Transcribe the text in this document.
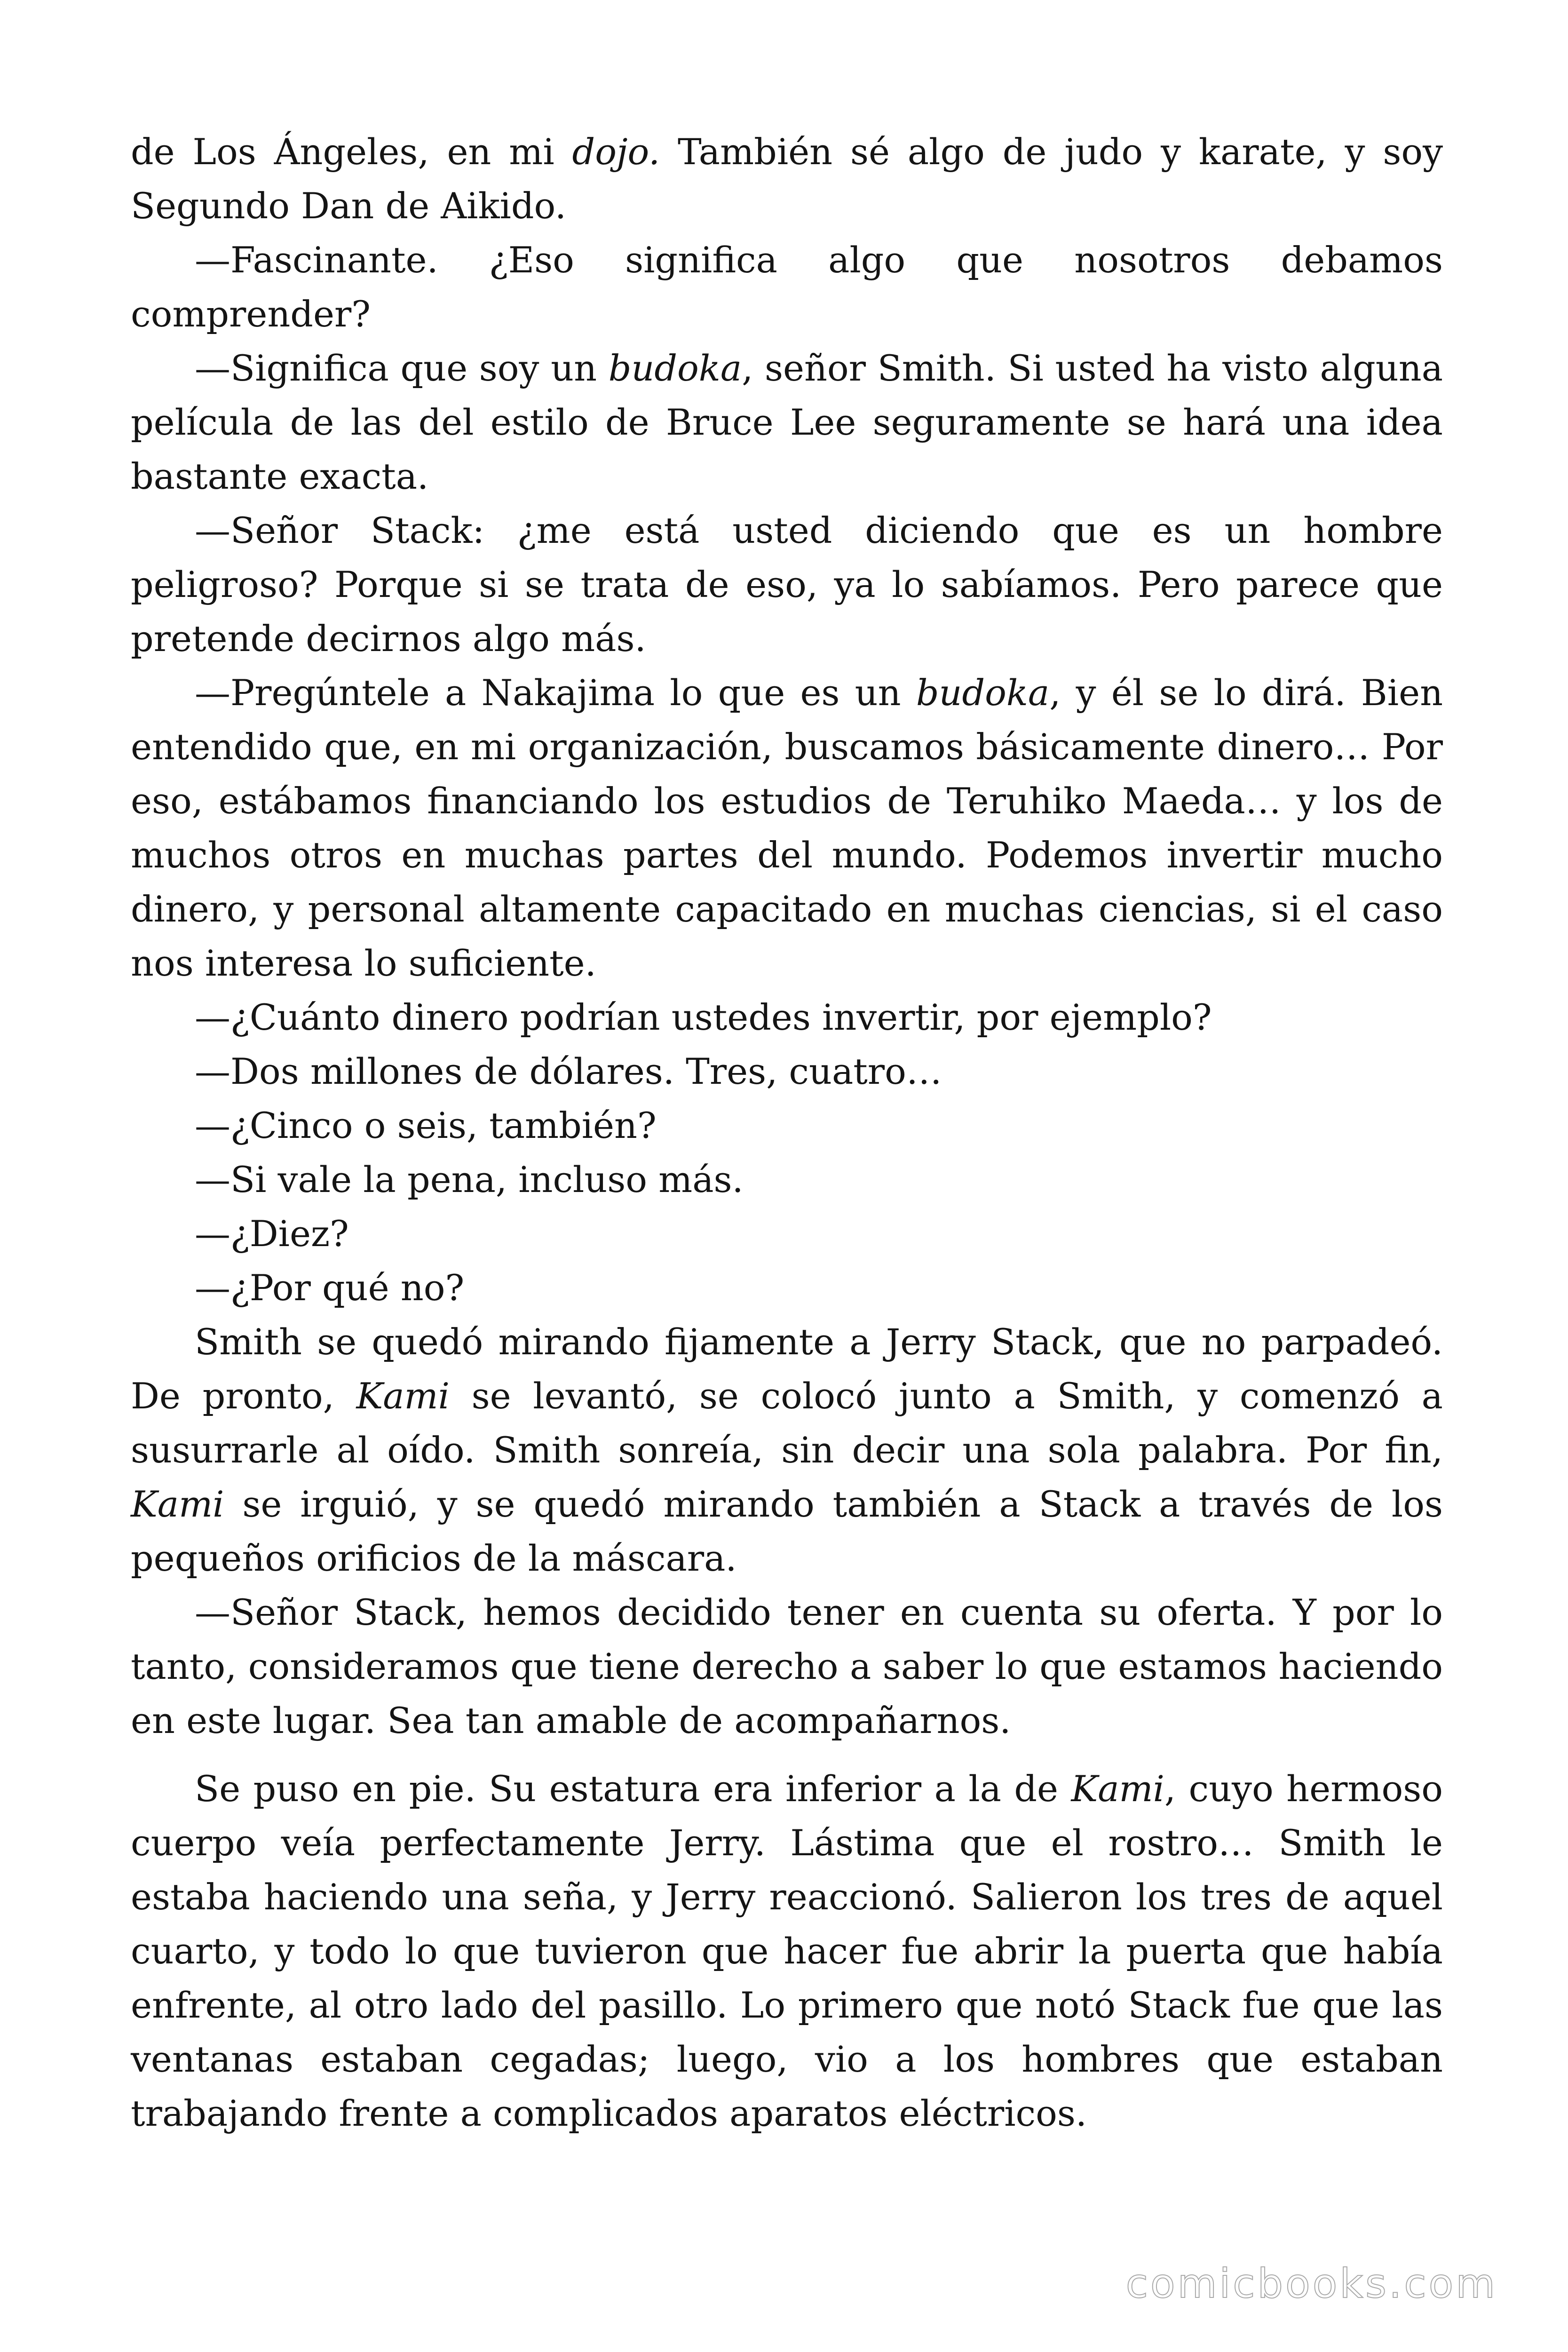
de Los Ángeles, en mi dojo. También sé algo de judo y karate, y soy Segundo Dan de Aikido.

—Fascinante. ¿Eso significa algo que nosotros debamos comprender?

—Significa que soy un budoka, señor Smith. Si usted ha visto alguna película de las del estilo de Bruce Lee seguramente se hará una idea bastante exacta.

—Señor Stack: ¿me está usted diciendo que es un hombre peligroso? Porque si se trata de eso, ya lo sabíamos. Pero parece que pretende decirnos algo más.

—Pregúntele a Nakajima lo que es un budoka, y él se lo dirá. Bien entendido que, en mi organización, buscamos básicamente dinero… Por eso, estábamos financiando los estudios de Teruhiko Maeda… y los de muchos otros en muchas partes del mundo. Podemos invertir mucho dinero, y personal altamente capacitado en muchas ciencias, si el caso nos interesa lo suficiente.

—¿Cuánto dinero podrían ustedes invertir, por ejemplo?

—Dos millones de dólares. Tres, cuatro…

—¿Cinco o seis, también?

—Si vale la pena, incluso más.

—¿Diez?

—¿Por qué no?

Smith se quedó mirando fijamente a Jerry Stack, que no parpadeó. De pronto, Kami se levantó, se colocó junto a Smith, y comenzó a susurrarle al oído. Smith sonreía, sin decir una sola palabra. Por fin, Kami se irguió, y se quedó mirando también a Stack a través de los pequeños orificios de la máscara.

—Señor Stack, hemos decidido tener en cuenta su oferta. Y por lo tanto, consideramos que tiene derecho a saber lo que estamos haciendo en este lugar. Sea tan amable de acompañarnos.

Se puso en pie. Su estatura era inferior a la de Kami, cuyo hermoso cuerpo veía perfectamente Jerry. Lástima que el rostro… Smith le estaba haciendo una seña, y Jerry reaccionó. Salieron los tres de aquel cuarto, y todo lo que tuvieron que hacer fue abrir la puerta que había enfrente, al otro lado del pasillo. Lo primero que notó Stack fue que las ventanas estaban cegadas; luego, vio a los hombres que estaban trabajando frente a complicados aparatos eléctricos.

comicbooks.com
